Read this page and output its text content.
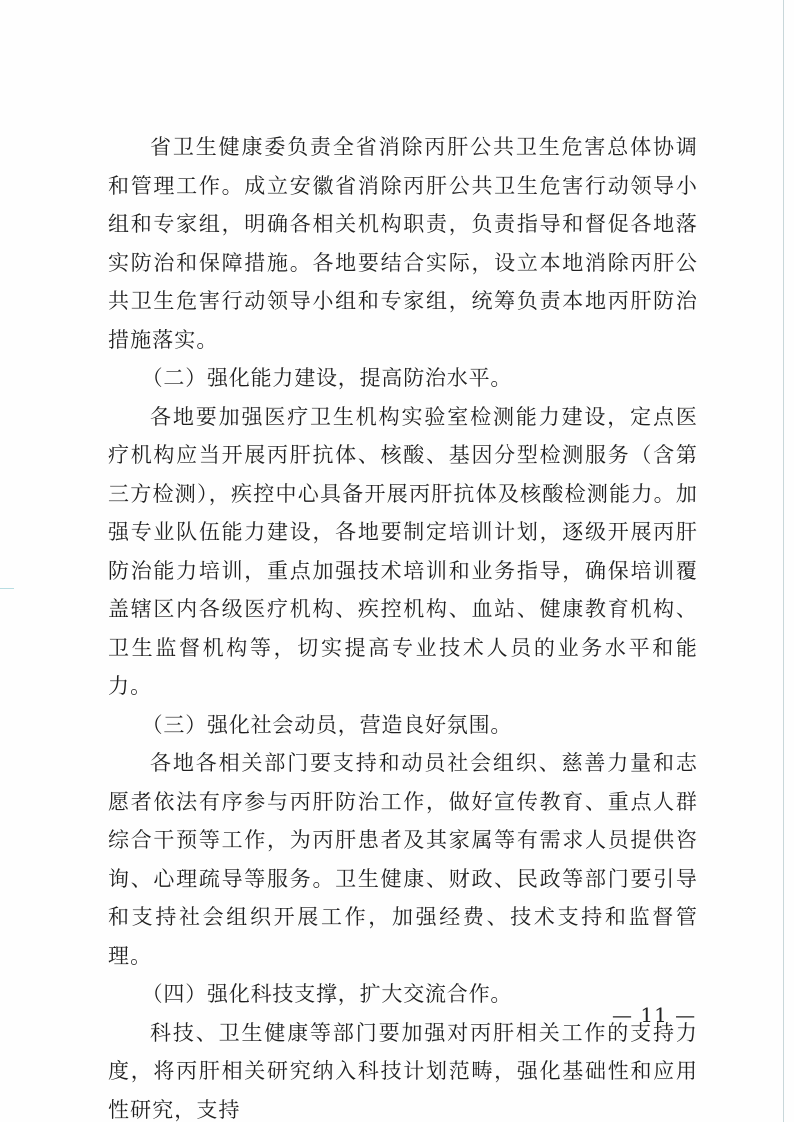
省卫生健康委负责全省消除丙肝公共卫生危害总体协调和管理工作。成立安徽省消除丙肝公共卫生危害行动领导小组和专家组，明确各相关机构职责，负责指导和督促各地落实防治和保障措施。各地要结合实际，设立本地消除丙肝公共卫生危害行动领导小组和专家组，统筹负责本地丙肝防治措施落实。

（二）强化能力建设，提高防治水平。

各地要加强医疗卫生机构实验室检测能力建设，定点医疗机构应当开展丙肝抗体、核酸、基因分型检测服务（含第三方检测），疾控中心具备开展丙肝抗体及核酸检测能力。加强专业队伍能力建设，各地要制定培训计划，逐级开展丙肝防治能力培训，重点加强技术培训和业务指导，确保培训覆盖辖区内各级医疗机构、疾控机构、血站、健康教育机构、卫生监督机构等，切实提高专业技术人员的业务水平和能力。

（三）强化社会动员，营造良好氛围。

各地各相关部门要支持和动员社会组织、慈善力量和志愿者依法有序参与丙肝防治工作，做好宣传教育、重点人群综合干预等工作，为丙肝患者及其家属等有需求人员提供咨询、心理疏导等服务。卫生健康、财政、民政等部门要引导和支持社会组织开展工作，加强经费、技术支持和监督管理。

（四）强化科技支撑，扩大交流合作。

科技、卫生健康等部门要加强对丙肝相关工作的支持力度，将丙肝相关研究纳入科技计划范畴，强化基础性和应用性研究，支持

— 11 —
